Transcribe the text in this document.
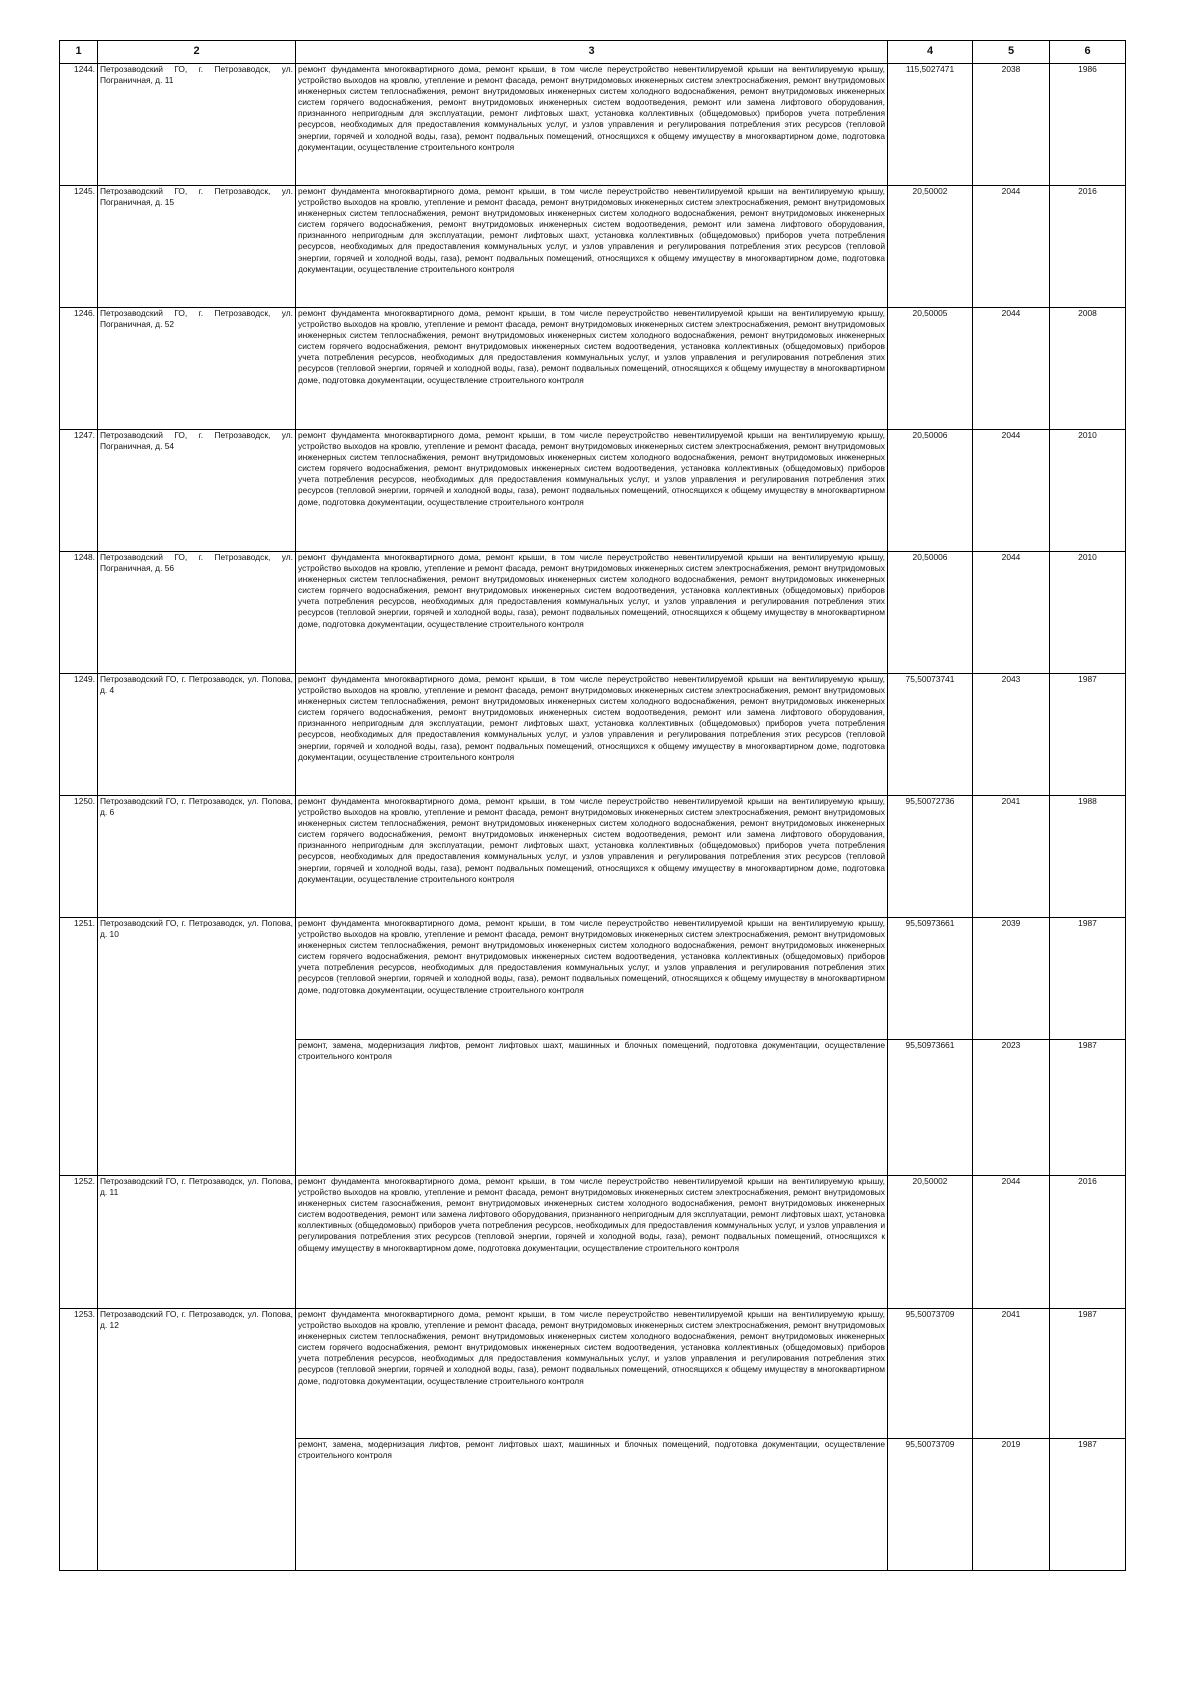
1	2	3	4	5	6
1244.	Петрозаводский ГО, г. Петрозаводск, ул. Пограничная, д. 11	ремонт фундамента многоквартирного дома, ремонт крыши, в том числе переустройство невентилируемой крыши на вентилируемую крышу, устройство выходов на кровлю, утепление и ремонт фасада, ремонт внутридомовых инженерных систем электроснабжения, ремонт внутридомовых инженерных систем теплоснабжения, ремонт внутридомовых инженерных систем холодного водоснабжения, ремонт внутридомовых инженерных систем горячего водоснабжения, ремонт внутридомовых инженерных систем водоотведения, ремонт или замена лифтового оборудования, признанного непригодным для эксплуатации, ремонт лифтовых шахт, установка коллективных (общедомовых) приборов учета потребления ресурсов, необходимых для предоставления коммунальных услуг, и узлов управления и регулирования потребления этих ресурсов (тепловой энергии, горячей и холодной воды, газа), ремонт подвальных помещений, относящихся к общему имуществу в многоквартирном доме, подготовка документации, осуществление строительного контроля	115,5027471	2038	1986
1245.	Петрозаводский ГО, г. Петрозаводск, ул. Пограничная, д. 15	ремонт фундамента многоквартирного дома, ремонт крыши, в том числе переустройство невентилируемой крыши на вентилируемую крышу, устройство выходов на кровлю, утепление и ремонт фасада, ремонт внутридомовых инженерных систем электроснабжения, ремонт внутридомовых инженерных систем теплоснабжения, ремонт внутридомовых инженерных систем холодного водоснабжения, ремонт внутридомовых инженерных систем горячего водоснабжения, ремонт внутридомовых инженерных систем водоотведения, ремонт или замена лифтового оборудования, признанного непригодным для эксплуатации, ремонт лифтовых шахт, установка коллективных (общедомовых) приборов учета потребления ресурсов, необходимых для предоставления коммунальных услуг, и узлов управления и регулирования потребления этих ресурсов (тепловой энергии, горячей и холодной воды, газа), ремонт подвальных помещений, относящихся к общему имуществу в многоквартирном доме, подготовка документации, осуществление строительного контроля	20,50002	2044	2016
1246.	Петрозаводский ГО, г. Петрозаводск, ул. Пограничная, д. 52	ремонт фундамента многоквартирного дома, ремонт крыши, в том числе переустройство невентилируемой крыши на вентилируемую крышу, устройство выходов на кровлю, утепление и ремонт фасада, ремонт внутридомовых инженерных систем электроснабжения, ремонт внутридомовых инженерных систем теплоснабжения, ремонт внутридомовых инженерных систем холодного водоснабжения, ремонт внутридомовых инженерных систем горячего водоснабжения, ремонт внутридомовых инженерных систем водоотведения, установка коллективных (общедомовых) приборов учета потребления ресурсов, необходимых для предоставления коммунальных услуг, и узлов управления и регулирования потребления этих ресурсов (тепловой энергии, горячей и холодной воды, газа), ремонт подвальных помещений, относящихся к общему имуществу в многоквартирном доме, подготовка документации, осуществление строительного контроля	20,50005	2044	2008
1247.	Петрозаводский ГО, г. Петрозаводск, ул. Пограничная, д. 54	ремонт фундамента многоквартирного дома, ремонт крыши, в том числе переустройство невентилируемой крыши на вентилируемую крышу, устройство выходов на кровлю, утепление и ремонт фасада, ремонт внутридомовых инженерных систем электроснабжения, ремонт внутридомовых инженерных систем теплоснабжения, ремонт внутридомовых инженерных систем холодного водоснабжения, ремонт внутридомовых инженерных систем горячего водоснабжения, ремонт внутридомовых инженерных систем водоотведения, установка коллективных (общедомовых) приборов учета потребления ресурсов, необходимых для предоставления коммунальных услуг, и узлов управления и регулирования потребления этих ресурсов (тепловой энергии, горячей и холодной воды, газа), ремонт подвальных помещений, относящихся к общему имуществу в многоквартирном доме, подготовка документации, осуществление строительного контроля	20,50006	2044	2010
1248.	Петрозаводский ГО, г. Петрозаводск, ул. Пограничная, д. 56	ремонт фундамента многоквартирного дома, ремонт крыши, в том числе переустройство невентилируемой крыши на вентилируемую крышу, устройство выходов на кровлю, утепление и ремонт фасада, ремонт внутридомовых инженерных систем электроснабжения, ремонт внутридомовых инженерных систем теплоснабжения, ремонт внутридомовых инженерных систем холодного водоснабжения, ремонт внутридомовых инженерных систем горячего водоснабжения, ремонт внутридомовых инженерных систем водоотведения, установка коллективных (общедомовых) приборов учета потребления ресурсов, необходимых для предоставления коммунальных услуг, и узлов управления и регулирования потребления этих ресурсов (тепловой энергии, горячей и холодной воды, газа), ремонт подвальных помещений, относящихся к общему имуществу в многоквартирном доме, подготовка документации, осуществление строительного контроля	20,50006	2044	2010
1249.	Петрозаводский ГО, г. Петрозаводск, ул. Попова, д. 4	ремонт фундамента многоквартирного дома, ремонт крыши, в том числе переустройство невентилируемой крыши на вентилируемую крышу, устройство выходов на кровлю, утепление и ремонт фасада, ремонт внутридомовых инженерных систем электроснабжения, ремонт внутридомовых инженерных систем теплоснабжения, ремонт внутридомовых инженерных систем холодного водоснабжения, ремонт внутридомовых инженерных систем горячего водоснабжения, ремонт внутридомовых инженерных систем водоотведения, ремонт или замена лифтового оборудования, признанного непригодным для эксплуатации, ремонт лифтовых шахт, установка коллективных (общедомовых) приборов учета потребления ресурсов, необходимых для предоставления коммунальных услуг, и узлов управления и регулирования потребления этих ресурсов (тепловой энергии, горячей и холодной воды, газа), ремонт подвальных помещений, относящихся к общему имуществу в многоквартирном доме, подготовка документации, осуществление строительного контроля	75,50073741	2043	1987
1250.	Петрозаводский ГО, г. Петрозаводск, ул. Попова, д. 6	ремонт фундамента многоквартирного дома, ремонт крыши, в том числе переустройство невентилируемой крыши на вентилируемую крышу, устройство выходов на кровлю, утепление и ремонт фасада, ремонт внутридомовых инженерных систем электроснабжения, ремонт внутридомовых инженерных систем теплоснабжения, ремонт внутридомовых инженерных систем холодного водоснабжения, ремонт внутридомовых инженерных систем горячего водоснабжения, ремонт внутридомовых инженерных систем водоотведения, ремонт или замена лифтового оборудования, признанного непригодным для эксплуатации, ремонт лифтовых шахт, установка коллективных (общедомовых) приборов учета потребления ресурсов, необходимых для предоставления коммунальных услуг, и узлов управления и регулирования потребления этих ресурсов (тепловой энергии, горячей и холодной воды, газа), ремонт подвальных помещений, относящихся к общему имуществу в многоквартирном доме, подготовка документации, осуществление строительного контроля	95,50072736	2041	1988
1251.	Петрозаводский ГО, г. Петрозаводск, ул. Попова, д. 10	ремонт фундамента многоквартирного дома, ремонт крыши, в том числе переустройство невентилируемой крыши на вентилируемую крышу, устройство выходов на кровлю, утепление и ремонт фасада, ремонт внутридомовых инженерных систем электроснабжения, ремонт внутридомовых инженерных систем теплоснабжения, ремонт внутридомовых инженерных систем холодного водоснабжения, ремонт внутридомовых инженерных систем горячего водоснабжения, ремонт внутридомовых инженерных систем водоотведения, установка коллективных (общедомовых) приборов учета потребления ресурсов, необходимых для предоставления коммунальных услуг, и узлов управления и регулирования потребления этих ресурсов (тепловой энергии, горячей и холодной воды, газа), ремонт подвальных помещений, относящихся к общему имуществу в многоквартирном доме, подготовка документации, осуществление строительного контроля	95,50973661	2039	1987
		ремонт, замена, модернизация лифтов, ремонт лифтовых шахт, машинных и блочных помещений, подготовка документации, осуществление строительного контроля	95,50973661	2023	1987
1252.	Петрозаводский ГО, г. Петрозаводск, ул. Попова, д. 11	ремонт фундамента многоквартирного дома, ремонт крыши, в том числе переустройство невентилируемой крыши на вентилируемую крышу, устройство выходов на кровлю, утепление и ремонт фасада, ремонт внутридомовых инженерных систем электроснабжения, ремонт внутридомовых инженерных систем газоснабжения, ремонт внутридомовых инженерных систем холодного водоснабжения, ремонт внутридомовых инженерных систем водоотведения, ремонт или замена лифтового оборудования, признанного непригодным для эксплуатации, ремонт лифтовых шахт, установка коллективных (общедомовых) приборов учета потребления ресурсов, необходимых для предоставления коммунальных услуг, и узлов управления и регулирования потребления этих ресурсов (тепловой энергии, горячей и холодной воды, газа), ремонт подвальных помещений, относящихся к общему имуществу в многоквартирном доме, подготовка документации, осуществление строительного контроля	20,50002	2044	2016
1253.	Петрозаводский ГО, г. Петрозаводск, ул. Попова, д. 12	ремонт фундамента многоквартирного дома, ремонт крыши, в том числе переустройство невентилируемой крыши на вентилируемую крышу, устройство выходов на кровлю, утепление и ремонт фасада, ремонт внутридомовых инженерных систем электроснабжения, ремонт внутридомовых инженерных систем теплоснабжения, ремонт внутридомовых инженерных систем холодного водоснабжения, ремонт внутридомовых инженерных систем горячего водоснабжения, ремонт внутридомовых инженерных систем водоотведения, установка коллективных (общедомовых) приборов учета потребления ресурсов, необходимых для предоставления коммунальных услуг, и узлов управления и регулирования потребления этих ресурсов (тепловой энергии, горячей и холодной воды, газа), ремонт подвальных помещений, относящихся к общему имуществу в многоквартирном доме, подготовка документации, осуществление строительного контроля	95,50073709	2041	1987
		ремонт, замена, модернизация лифтов, ремонт лифтовых шахт, машинных и блочных помещений, подготовка документации, осуществление строительного контроля	95,50073709	2019	1987
